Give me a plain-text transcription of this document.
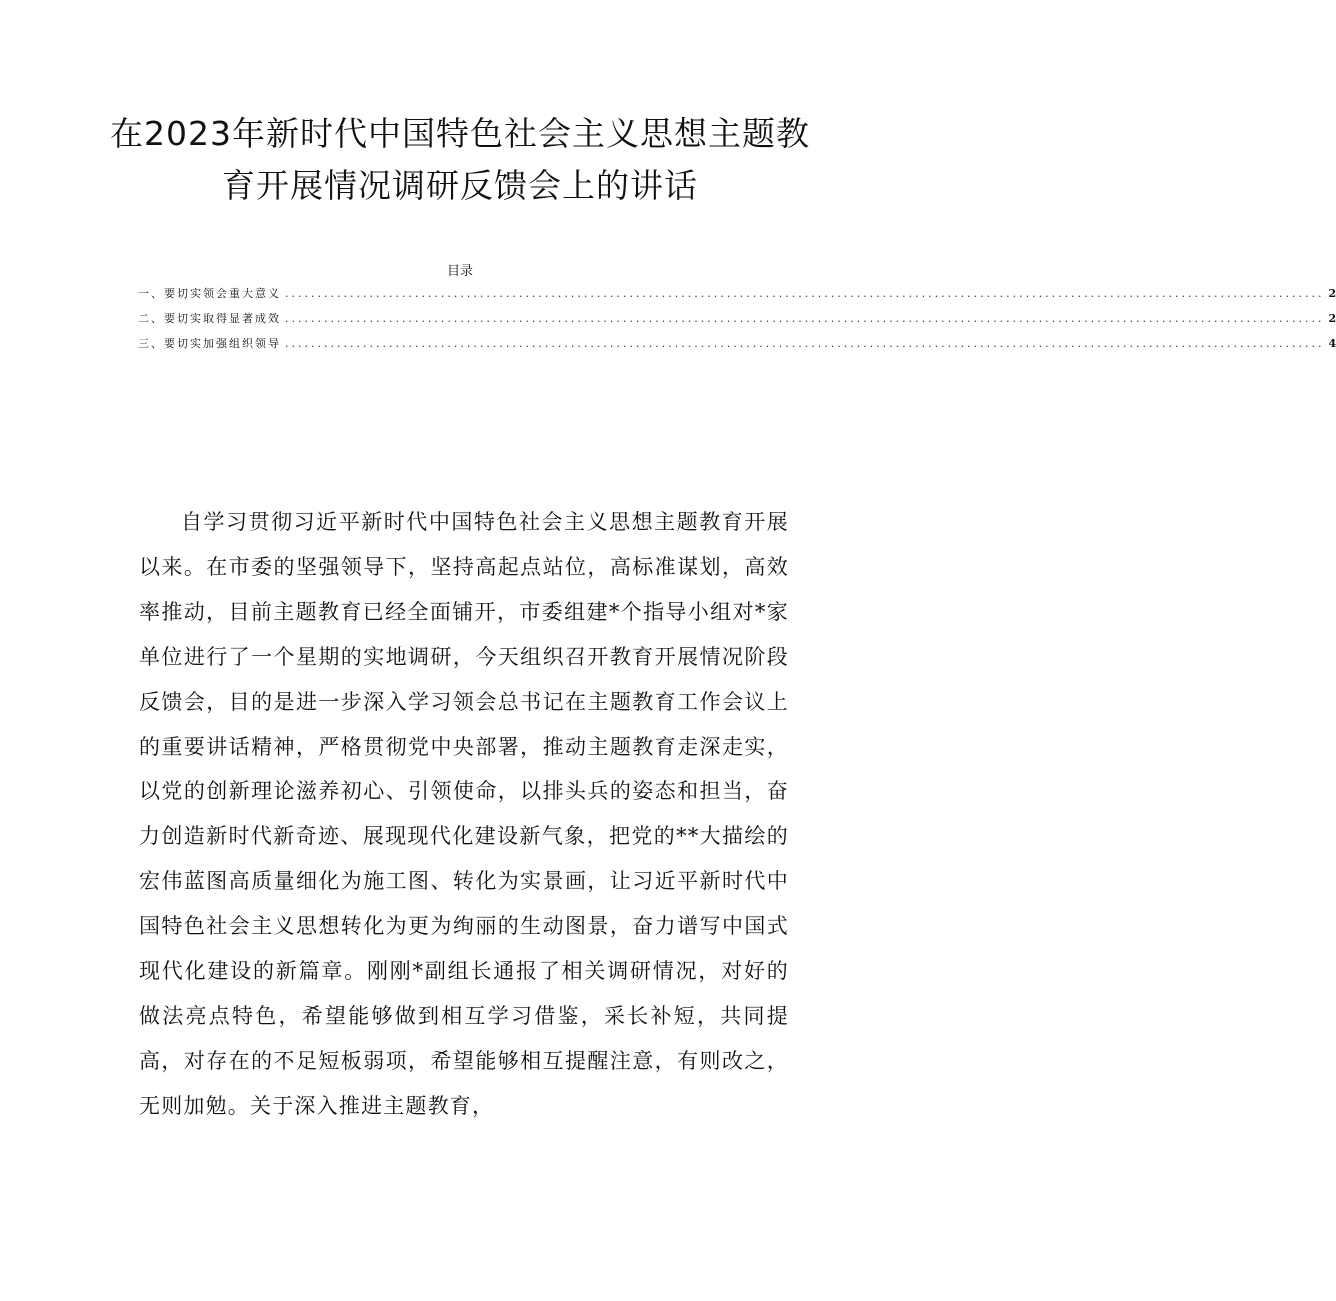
在2023年新时代中国特色社会主义思想主题教育开展情况调研反馈会上的讲话
目录
一、要切实领会重大意义 ................................................................................................................................................................ 2
二、要切实取得显著成效 ................................................................................................................................................................ 2
三、要切实加强组织领导 ................................................................................................................................................................ 4

自学习贯彻习近平新时代中国特色社会主义思想主题教育开展以来。在市委的坚强领导下，坚持高起点站位，高标准谋划，高效率推动，目前主题教育已经全面铺开，市委组建*个指导小组对*家单位进行了一个星期的实地调研，今天组织召开教育开展情况阶段反馈会，目的是进一步深入学习领会总书记在主题教育工作会议上的重要讲话精神，严格贯彻党中央部署，推动主题教育走深走实，以党的创新理论滋养初心、引领使命，以排头兵的姿态和担当，奋力创造新时代新奇迹、展现现代化建设新气象，把党的**大描绘的宏伟蓝图高质量细化为施工图、转化为实景画，让习近平新时代中国特色社会主义思想转化为更为绚丽的生动图景，奋力谱写中国式现代化建设的新篇章。刚刚*副组长通报了相关调研情况，对好的做法亮点特色，希望能够做到相互学习借鉴，采长补短，共同提高，对存在的不足短板弱项，希望能够相互提醒注意，有则改之，无则加勉。关于深入推进主题教育，
